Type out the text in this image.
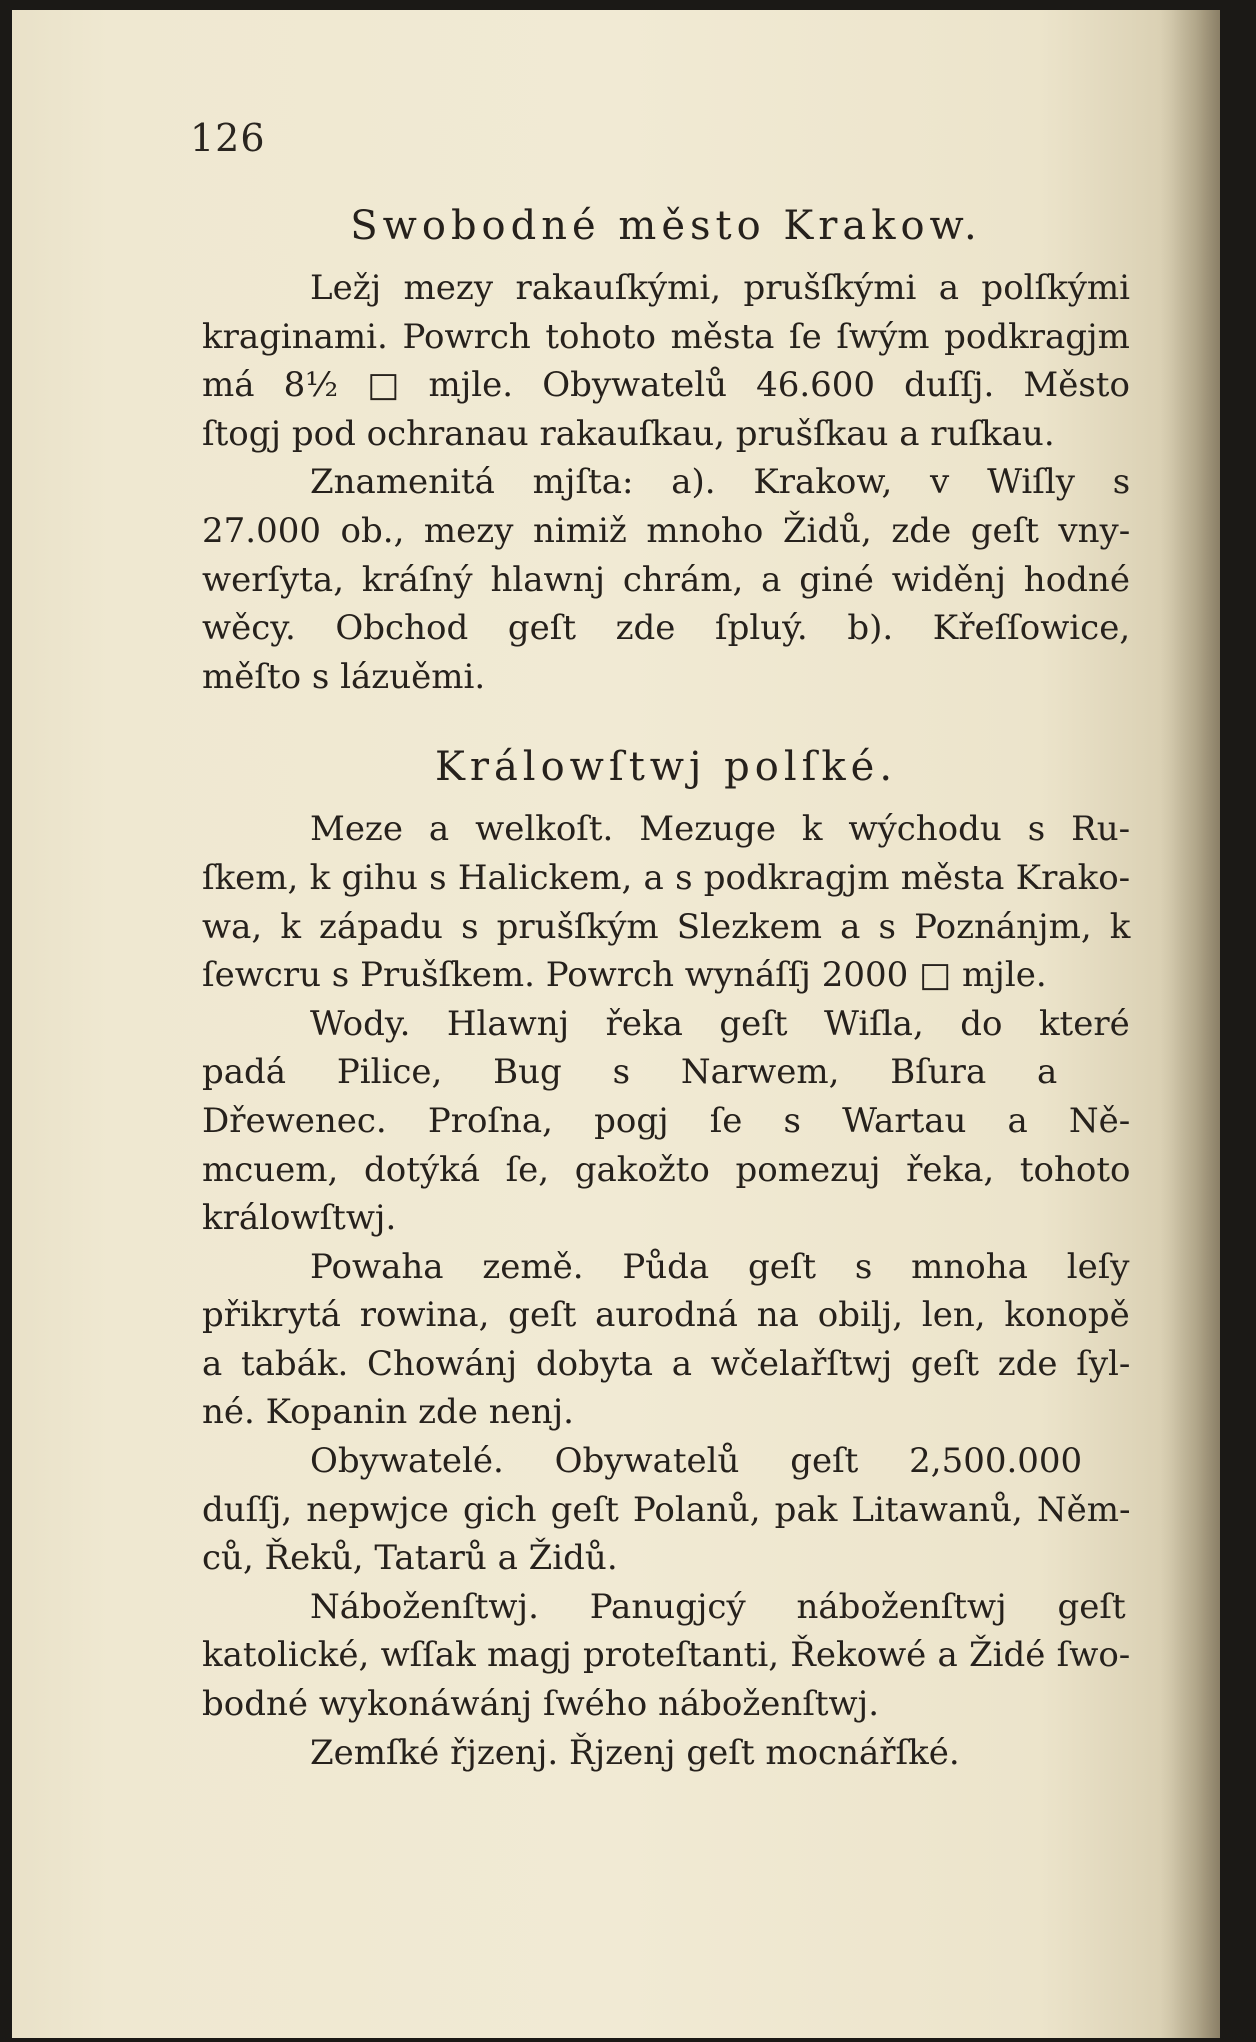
126
Swobodné město Krakow.
Ležj mezy rakauſkými, prušſkými a polſkými
kraginami. Powrch tohoto města ſe ſwým podkragjm
má 8½ □ mjle. Obywatelů 46.600 duſſj. Město
ſtogj pod ochranau rakauſkau, prušſkau a ruſkau.
Znamenitá mjſta: a). Krakow, v Wiſly s
27.000 ob., mezy nimiž mnoho Židů, zde geſt vny-
werſyta, kráſný hlawnj chrám, a giné widěnj hodné
wěcy. Obchod geſt zde ſpluý. b). Křeſſowice,
měſto s lázuěmi.
Králowſtwj polſké.
Meze a welkoſt. Mezuge k wýchodu s Ru-
ſkem, k gihu s Halickem, a s podkragjm města Krako-
wa, k západu s prušſkým Slezkem a s Poznánjm, k
ſewcru s Prušſkem. Powrch wynáſſj 2000 □ mjle.
Wody. Hlawnj řeka geſt Wiſla, do které
padá Pilice, Bug s Narwem, Bſura a
Dřewenec. Proſna, pogj ſe s Wartau a Ně-
mcuem, dotýká ſe, gakožto pomezuj řeka, tohoto
králowſtwj.
Powaha země. Půda geſt s mnoha leſy
přikrytá rowina, geſt aurodná na obilj, len, konopě
a tabák. Chowánj dobyta a wčelařſtwj geſt zde ſyl-
né. Kopanin zde nenj.
Obywatelé. Obywatelů geſt 2,500.000
duſſj, nepwjce gich geſt Polanů, pak Litawanů, Něm-
ců, Řeků, Tatarů a Židů.
Náboženſtwj. Panugjcý náboženſtwj geſt
katolické, wſſak magj proteſtanti, Řekowé a Židé ſwo-
bodné wykonáwánj ſwého náboženſtwj.
Zemſké řjzenj. Řjzenj geſt mocnářſké.
